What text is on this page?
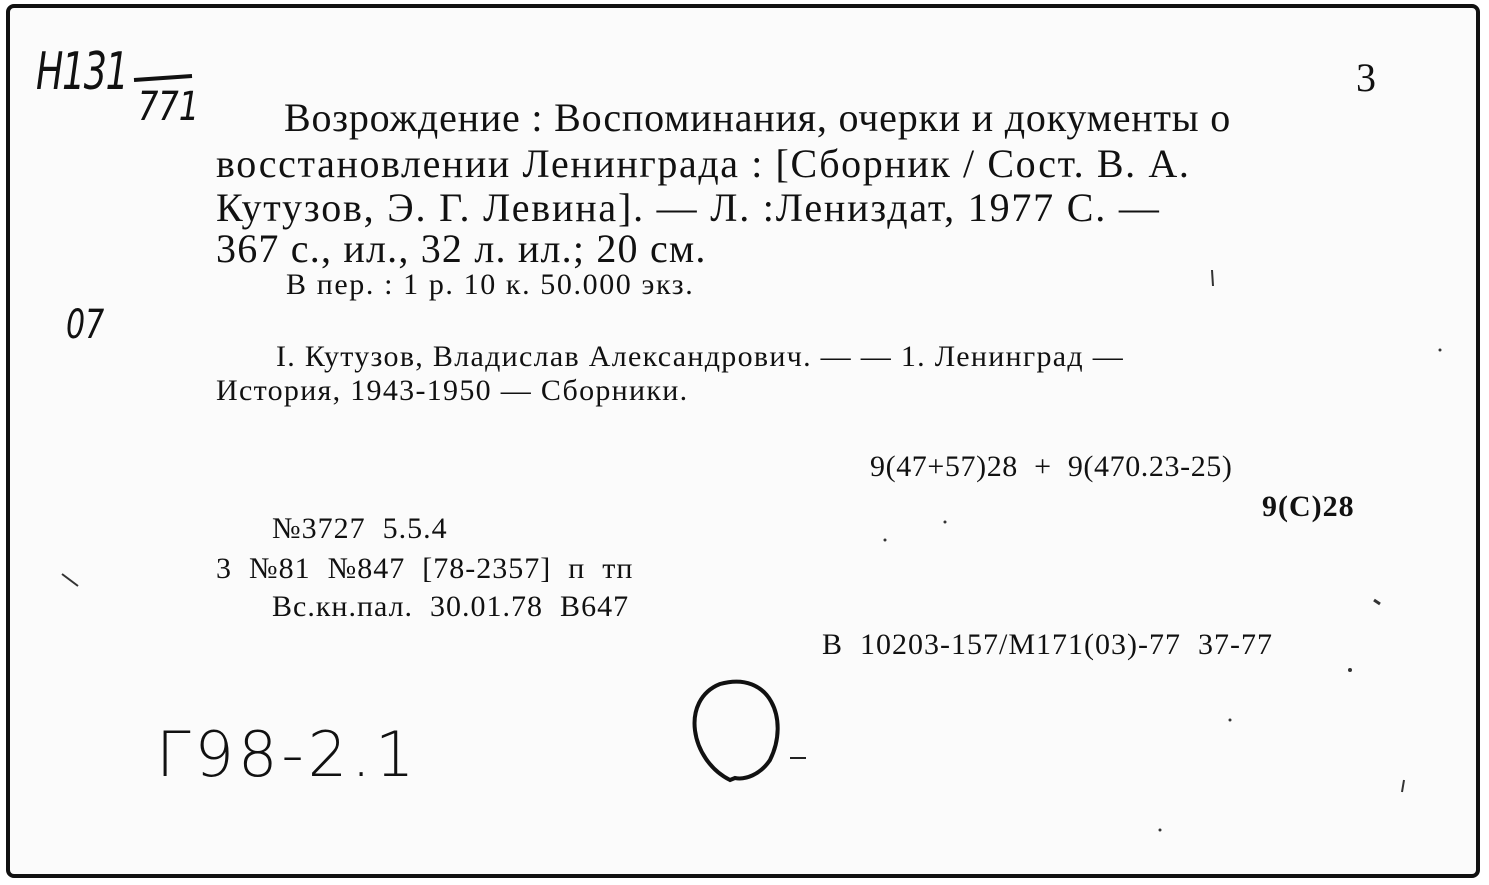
Н131
771
3
Возрождение : Воспоминания, очерки и документы о
восстановлении Ленинграда : [Сборник / Сост. В. А.
Кутузов, Э. Г. Левина]. — Л. :Лениздат, 1977 С. —
367 с., ил., 32 л. ил.; 20 см.
В пер. : 1 р. 10 к. 50.000 экз.
07
I. Кутузов, Владислав Александрович. — — 1. Ленинград —
История, 1943-1950 — Сборники.
9(47+57)28  +  9(470.23-25)
9(С)28
№3727  5.5.4
3  №81  №847  [78-2357]  п  тп
Вс.кн.пал.  30.01.78  В647
В  10203-157/М171(03)-77  37-77
Г98-2.1
